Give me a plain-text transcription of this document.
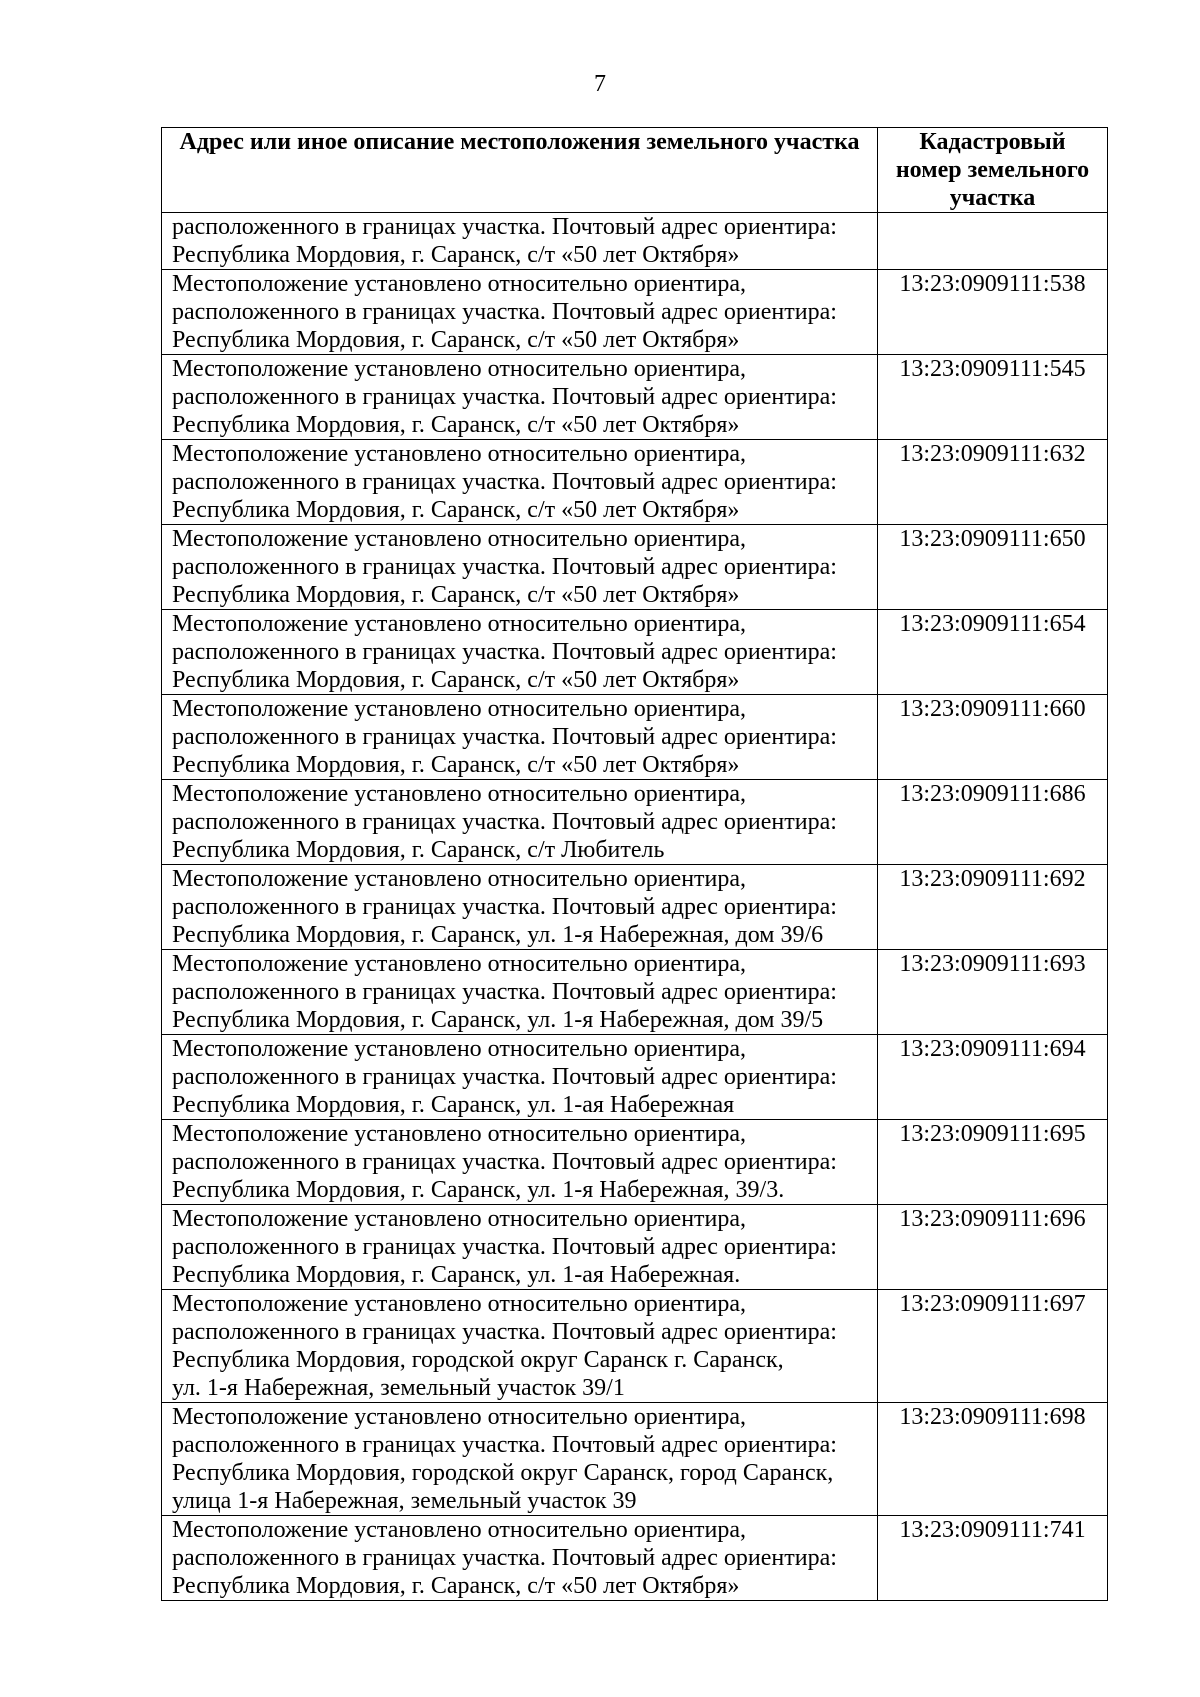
7
Адрес или иное описание местоположения земельного участка	Кадастровый
номер земельного
участка

расположенного в границах участка. Почтовый адрес ориентира:
Республика Мордовия, г. Саранск, с/т «50 лет Октября»	

Местоположение установлено относительно ориентира,
расположенного в границах участка. Почтовый адрес ориентира:
Республика Мордовия, г. Саранск, с/т «50 лет Октября»	13:23:0909111:538

Местоположение установлено относительно ориентира,
расположенного в границах участка. Почтовый адрес ориентира:
Республика Мордовия, г. Саранск, с/т «50 лет Октября»	13:23:0909111:545

Местоположение установлено относительно ориентира,
расположенного в границах участка. Почтовый адрес ориентира:
Республика Мордовия, г. Саранск, с/т «50 лет Октября»	13:23:0909111:632

Местоположение установлено относительно ориентира,
расположенного в границах участка. Почтовый адрес ориентира:
Республика Мордовия, г. Саранск, с/т «50 лет Октября»	13:23:0909111:650

Местоположение установлено относительно ориентира,
расположенного в границах участка. Почтовый адрес ориентира:
Республика Мордовия, г. Саранск, с/т «50 лет Октября»	13:23:0909111:654

Местоположение установлено относительно ориентира,
расположенного в границах участка. Почтовый адрес ориентира:
Республика Мордовия, г. Саранск, с/т «50 лет Октября»	13:23:0909111:660

Местоположение установлено относительно ориентира,
расположенного в границах участка. Почтовый адрес ориентира:
Республика Мордовия, г. Саранск, с/т Любитель	13:23:0909111:686

Местоположение установлено относительно ориентира,
расположенного в границах участка. Почтовый адрес ориентира:
Республика Мордовия, г. Саранск, ул. 1-я Набережная, дом 39/6	13:23:0909111:692

Местоположение установлено относительно ориентира,
расположенного в границах участка. Почтовый адрес ориентира:
Республика Мордовия, г. Саранск, ул. 1-я Набережная, дом 39/5	13:23:0909111:693

Местоположение установлено относительно ориентира,
расположенного в границах участка. Почтовый адрес ориентира:
Республика Мордовия, г. Саранск, ул. 1-ая Набережная	13:23:0909111:694

Местоположение установлено относительно ориентира,
расположенного в границах участка. Почтовый адрес ориентира:
Республика Мордовия, г. Саранск, ул. 1-я Набережная, 39/3.	13:23:0909111:695

Местоположение установлено относительно ориентира,
расположенного в границах участка. Почтовый адрес ориентира:
Республика Мордовия, г. Саранск, ул. 1-ая Набережная.	13:23:0909111:696

Местоположение установлено относительно ориентира,
расположенного в границах участка. Почтовый адрес ориентира:
Республика Мордовия, городской округ Саранск г. Саранск,
ул. 1-я Набережная, земельный участок 39/1	13:23:0909111:697

Местоположение установлено относительно ориентира,
расположенного в границах участка. Почтовый адрес ориентира:
Республика Мордовия, городской округ Саранск, город Саранск,
улица 1-я Набережная, земельный участок 39	13:23:0909111:698

Местоположение установлено относительно ориентира,
расположенного в границах участка. Почтовый адрес ориентира:
Республика Мордовия, г. Саранск, с/т «50 лет Октября»	13:23:0909111:741
